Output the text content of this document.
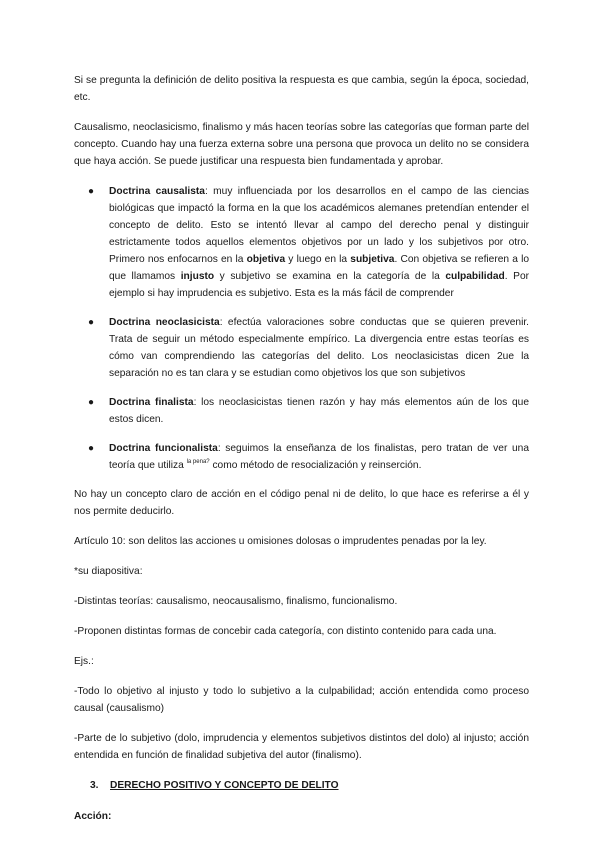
Si se pregunta la definición de delito positiva la respuesta es que cambia, según la época, sociedad, etc.

Causalismo, neoclasicismo, finalismo y más hacen teorías sobre las categorías que forman parte del concepto. Cuando hay una fuerza externa sobre una persona que provoca un delito no se considera que haya acción. Se puede justificar una respuesta bien fundamentada y aprobar.

● Doctrina causalista: muy influenciada por los desarrollos en el campo de las ciencias biológicas que impactó la forma en la que los académicos alemanes pretendían entender el concepto de delito. Esto se intentó llevar al campo del derecho penal y distinguir estrictamente todos aquellos elementos objetivos por un lado y los subjetivos por otro. Primero nos enfocarnos en la objetiva y luego en la subjetiva. Con objetiva se refieren a lo que llamamos injusto y subjetivo se examina en la categoría de la culpabilidad. Por ejemplo si hay imprudencia es subjetivo. Esta es la más fácil de comprender
● Doctrina neoclasicista: efectúa valoraciones sobre conductas que se quieren prevenir. Trata de seguir un método especialmente empírico. La divergencia entre estas teorías es cómo van comprendiendo las categorías del delito. Los neoclasicistas dicen 2ue la separación no es tan clara y se estudian como objetivos los que son subjetivos
● Doctrina finalista: los neoclasicistas tienen razón y hay más elementos aún de los que estos dicen.
● Doctrina funcionalista: seguimos la enseñanza de los finalistas, pero tratan de ver una teoría que utiliza $^{la pena?}$ como método de resocialización y reinserción.

No hay un concepto claro de acción en el código penal ni de delito, lo que hace es referirse a él y nos permite deducirlo.

Artículo 10: son delitos las acciones u omisiones dolosas o imprudentes penadas por la ley.

*su diapositiva:

-Distintas teorías: causalismo, neocausalismo, finalismo, funcionalismo.

-Proponen distintas formas de concebir cada categoría, con distinto contenido para cada una.

Ejs.:

-Todo lo objetivo al injusto y todo lo subjetivo a la culpabilidad; acción entendida como proceso causal (causalismo)

-Parte de lo subjetivo (dolo, imprudencia y elementos subjetivos distintos del dolo) al injusto; acción entendida en función de finalidad subjetiva del autor (finalismo).

3. DERECHO POSITIVO Y CONCEPTO DE DELITO

Acción:
